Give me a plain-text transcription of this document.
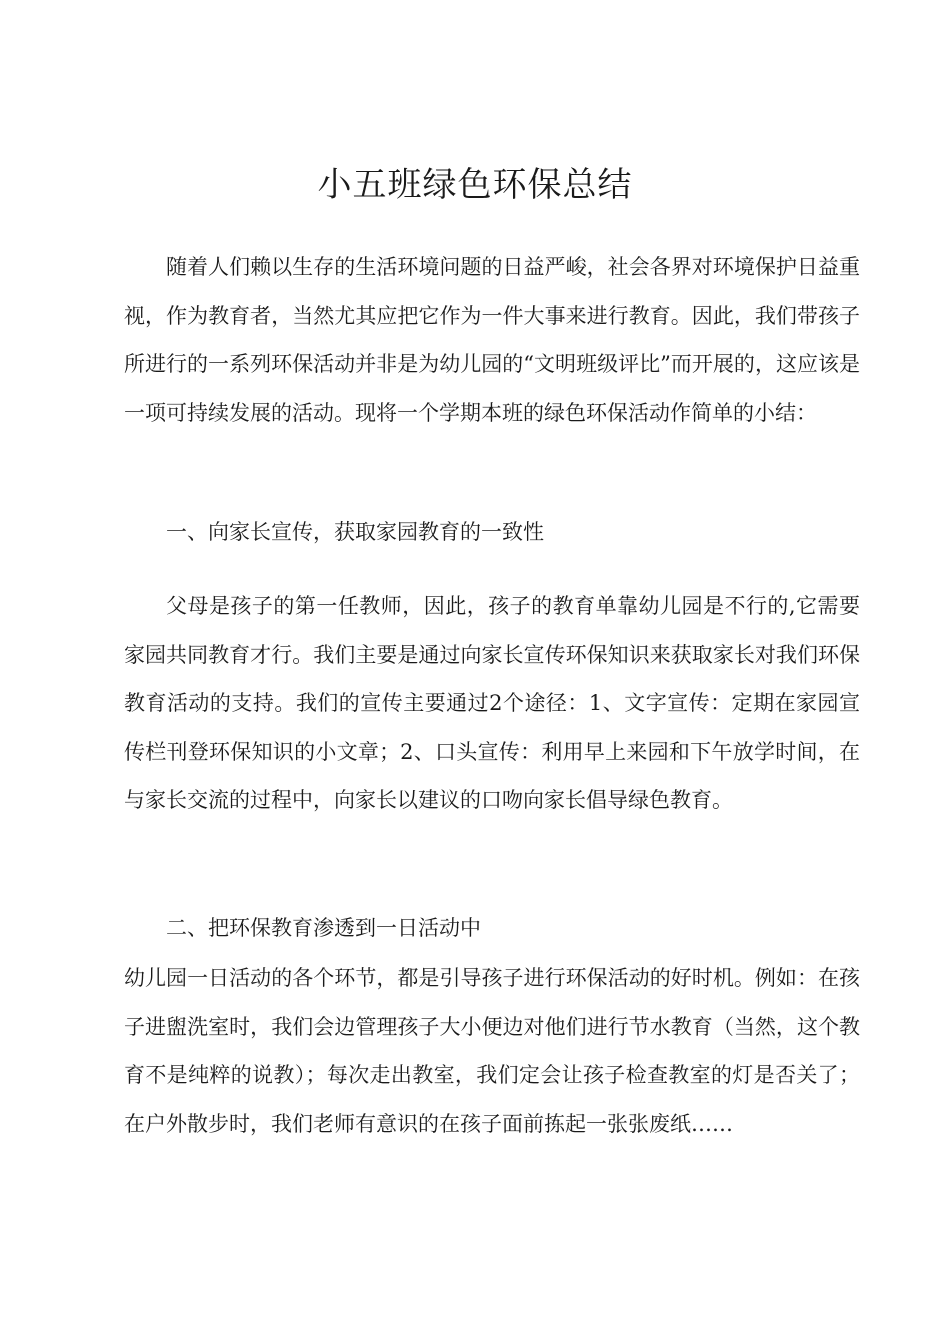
小五班绿色环保总结

随着人们赖以生存的生活环境问题的日益严峻，社会各界对环境保护日益重视，作为教育者，当然尤其应把它作为一件大事来进行教育。因此，我们带孩子所进行的一系列环保活动并非是为幼儿园的“文明班级评比”而开展的，这应该是一项可持续发展的活动。现将一个学期本班的绿色环保活动作简单的小结：

一、向家长宣传，获取家园教育的一致性

父母是孩子的第一任教师，因此，孩子的教育单靠幼儿园是不行的,它需要家园共同教育才行。我们主要是通过向家长宣传环保知识来获取家长对我们环保教育活动的支持。我们的宣传主要通过2个途径：1、文字宣传：定期在家园宣传栏刊登环保知识的小文章；2、口头宣传：利用早上来园和下午放学时间，在与家长交流的过程中，向家长以建议的口吻向家长倡导绿色教育。

二、把环保教育渗透到一日活动中

幼儿园一日活动的各个环节，都是引导孩子进行环保活动的好时机。例如：在孩子进盥洗室时，我们会边管理孩子大小便边对他们进行节水教育（当然，这个教育不是纯粹的说教）；每次走出教室，我们定会让孩子检查教室的灯是否关了；在户外散步时，我们老师有意识的在孩子面前拣起一张张废纸……
